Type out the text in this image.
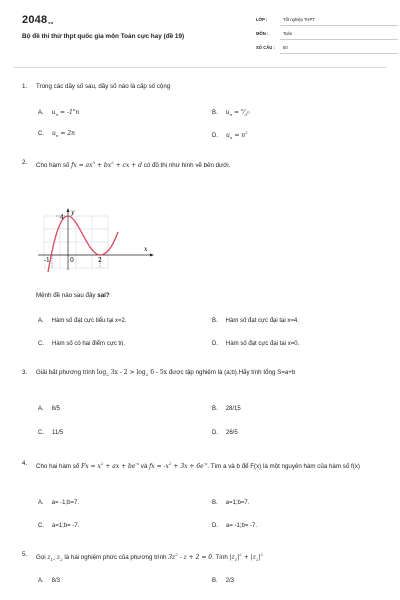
$2048_{vn}$
Bộ đề thi thử thpt quốc gia môn Toán cực hay (đề 19)
LỚP :	Tốt nghiệp THPT
MÔN :	Toán
SỐ CÂU : 50
1. Trong các dãy số sau, dãy số nào là cấp số cộng
A. $u_n = -1^nn$	B. $u_n$ = $^n⁄_{3^n}$
C. $u_n = 2n$	D. $u_n = n^2$
2. Cho hàm số fx = $ax^3 + bx^2$ + cx + d có đồ thị như hình vẽ bên dưới.
4
y
x
-1	0	2
Mệnh đề nào sau đây sai?
A. Hàm số đạt cực tiểu tại x=2.	B. Hàm số đạt cực đại tại x=4.
C. Hàm số có hai điểm cực trị.	D. Hàm số đạt cực đại tại x=0.
3. Giải bất phương trình $\log_2 3x - 2 > \log_2 6 - 5x$ được tập nghiệm là (a;b).Hãy tính tổng S=a+b
A. 8/5	B. 28/15
C. 11/5	D. 26/5
4. Cho hai hàm số $Fx = x^2$ + ax + $be^{-x}$ và fx = $-x^2 + 3x + 6e^{-x}$. Tìm a và b để F(x) là một nguyên hàm của hàm số f(x)
A. a= -1;b=7.	B. a=1;b=7.
C. a=1;b= -7.	D. a= -1;b= -7.
5. Gọi $z_1$, $z_2$ là hai nghiệm phức của phương trình $3z^2 - z + 2 = 0$. Tính $|z_1|^2 + |z_2|^2$
A. 8/3	B. 2/3
